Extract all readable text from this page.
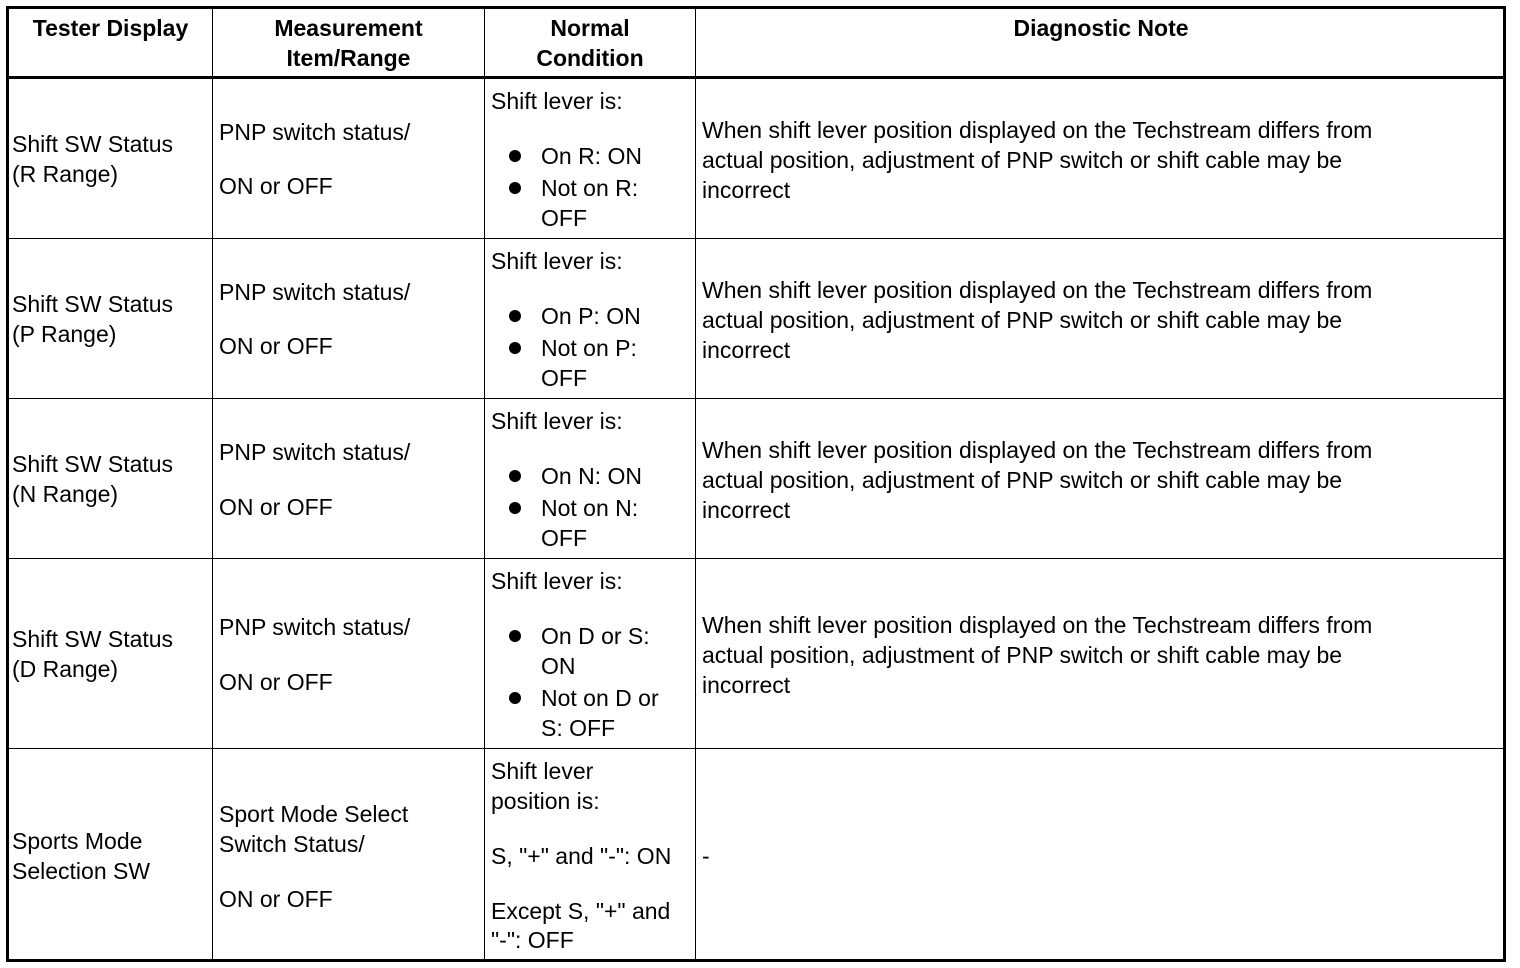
Tester Display	Measurement
Item/Range
Normal
Condition
Diagnostic Note
Shift SW Status
(R Range)
PNP switch status/
ON or OFF
Shift lever is:
On R: ON
Not on R:
OFF
When shift lever position displayed on the Techstream differs from
actual position, adjustment of PNP switch or shift cable may be
incorrect
Shift SW Status
(P Range)
PNP switch status/
ON or OFF
Shift lever is:
On P: ON
Not on P:
OFF
When shift lever position displayed on the Techstream differs from
actual position, adjustment of PNP switch or shift cable may be
incorrect
Shift SW Status
(N Range)
PNP switch status/
ON or OFF
Shift lever is:
On N: ON
Not on N:
OFF
When shift lever position displayed on the Techstream differs from
actual position, adjustment of PNP switch or shift cable may be
incorrect
Shift SW Status
(D Range)
PNP switch status/
ON or OFF
Shift lever is:
On D or S:
ON
Not on D or
S: OFF
When shift lever position displayed on the Techstream differs from
actual position, adjustment of PNP switch or shift cable may be
incorrect
Sports Mode
Selection SW
Sport Mode Select
Switch Status/
ON or OFF
Shift lever
position is:
S, "+" and "-": ON
Except S, "+" and
"-": OFF
-
